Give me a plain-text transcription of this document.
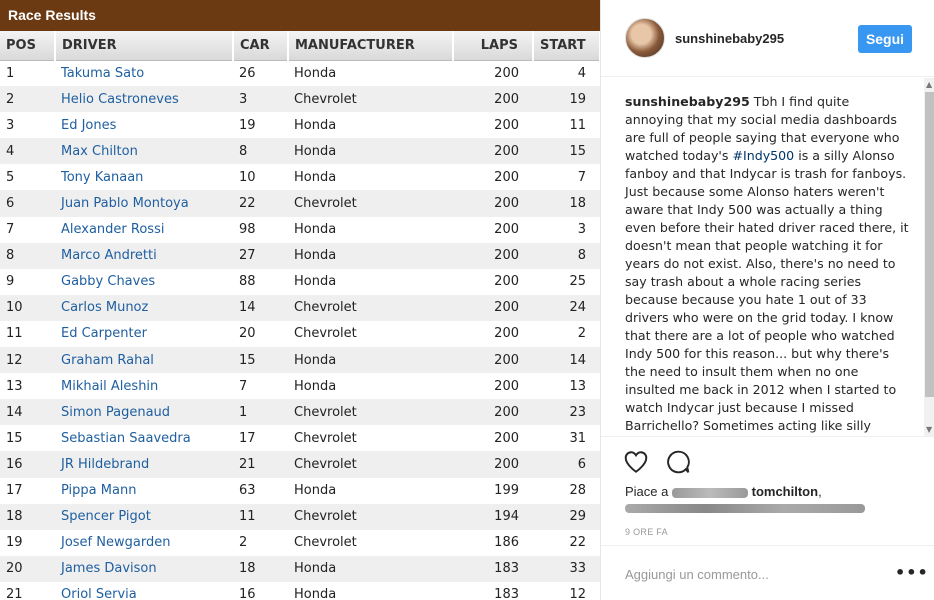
Race Results
POS	DRIVER	CAR	MANUFACTURER	LAPS	START
1	Takuma Sato	26	Honda	200	4
2	Helio Castroneves	3	Chevrolet	200	19
3	Ed Jones	19	Honda	200	11
4	Max Chilton	8	Honda	200	15
5	Tony Kanaan	10	Honda	200	7
6	Juan Pablo Montoya	22	Chevrolet	200	18
7	Alexander Rossi	98	Honda	200	3
8	Marco Andretti	27	Honda	200	8
9	Gabby Chaves	88	Honda	200	25
10	Carlos Munoz	14	Chevrolet	200	24
11	Ed Carpenter	20	Chevrolet	200	2
12	Graham Rahal	15	Honda	200	14
13	Mikhail Aleshin	7	Honda	200	13
14	Simon Pagenaud	1	Chevrolet	200	23
15	Sebastian Saavedra	17	Chevrolet	200	31
16	JR Hildebrand	21	Chevrolet	200	6
17	Pippa Mann	63	Honda	199	28
18	Spencer Pigot	11	Chevrolet	194	29
19	Josef Newgarden	2	Chevrolet	186	22
20	James Davison	18	Honda	183	33
21	Oriol Servia	16	Honda	183	12
sunshinebaby295	Segui
sunshinebaby295 Tbh I find quite annoying that my social media dashboards are full of people saying that everyone who watched today's #Indy500 is a silly Alonso fanboy and that Indycar is trash for fanboys. Just because some Alonso haters weren't aware that Indy 500 was actually a thing even before their hated driver raced there, it doesn't mean that people watching it for years do not exist. Also, there's no need to say trash about a whole racing series because because you hate 1 out of 33 drivers who were on the grid today. I know that there are a lot of people who watched Indy 500 for this reason... but why there's the need to insult them when no one insulted me back in 2012 when I started to watch Indycar just because I missed Barrichello? Sometimes acting like silly
▲
▼
Piace a	tomchilton,

9 ORE FA
Aggiungi un commento...	•••
